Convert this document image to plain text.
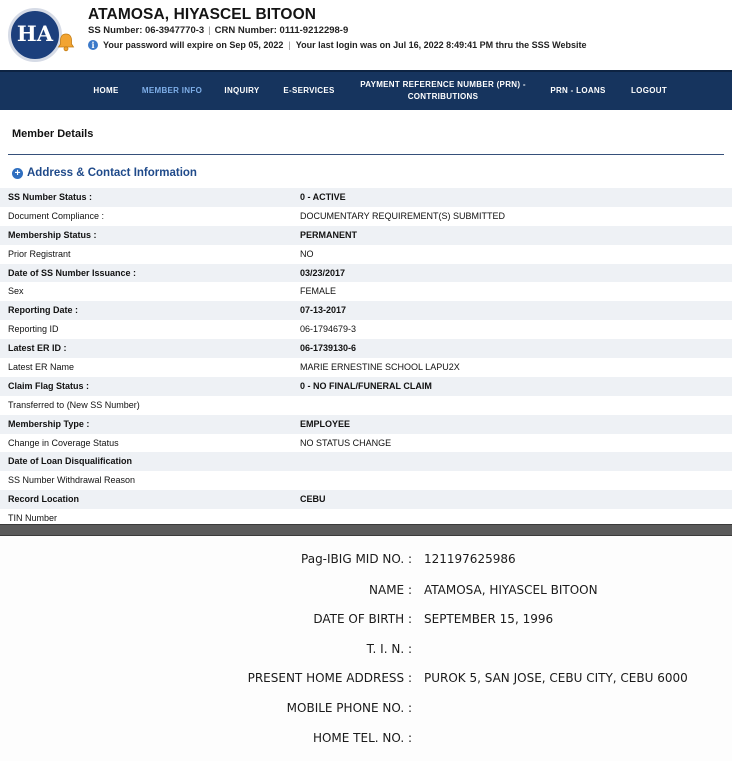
HA
ATAMOSA, HIYASCEL BITOON
SS Number: 06-3947770-3 | CRN Number: 0111-9212298-9
i Your password will expire on Sep 05, 2022 | Your last login was on Jul 16, 2022 8:49:41 PM thru the SSS Website
HOME	MEMBER INFO	INQUIRY	E-SERVICES
PAYMENT REFERENCE NUMBER (PRN) - CONTRIBUTIONS
PRN - LOANS	LOGOUT
Member Details
+ Address & Contact Information
SS Number Status :	0 - ACTIVE
Document Compliance :	DOCUMENTARY REQUIREMENT(S) SUBMITTED
Membership Status :	PERMANENT
Prior Registrant	NO
Date of SS Number Issuance :	03/23/2017
Sex	FEMALE
Reporting Date :	07-13-2017
Reporting ID	06-1794679-3
Latest ER ID :	06-1739130-6
Latest ER Name	MARIE ERNESTINE SCHOOL LAPU2X
Claim Flag Status :	0 - NO FINAL/FUNERAL CLAIM
Transferred to (New SS Number)
Membership Type :	EMPLOYEE
Change in Coverage Status	NO STATUS CHANGE
Date of Loan Disqualification
SS Number Withdrawal Reason
Record Location	CEBU
TIN Number
Pag-IBIG MID NO. : 121197625986
NAME : ATAMOSA, HIYASCEL BITOON
DATE OF BIRTH : SEPTEMBER 15, 1996
T. I. N. :
PRESENT HOME ADDRESS : PUROK 5, SAN JOSE, CEBU CITY, CEBU 6000
MOBILE PHONE NO. :
HOME TEL. NO. :
